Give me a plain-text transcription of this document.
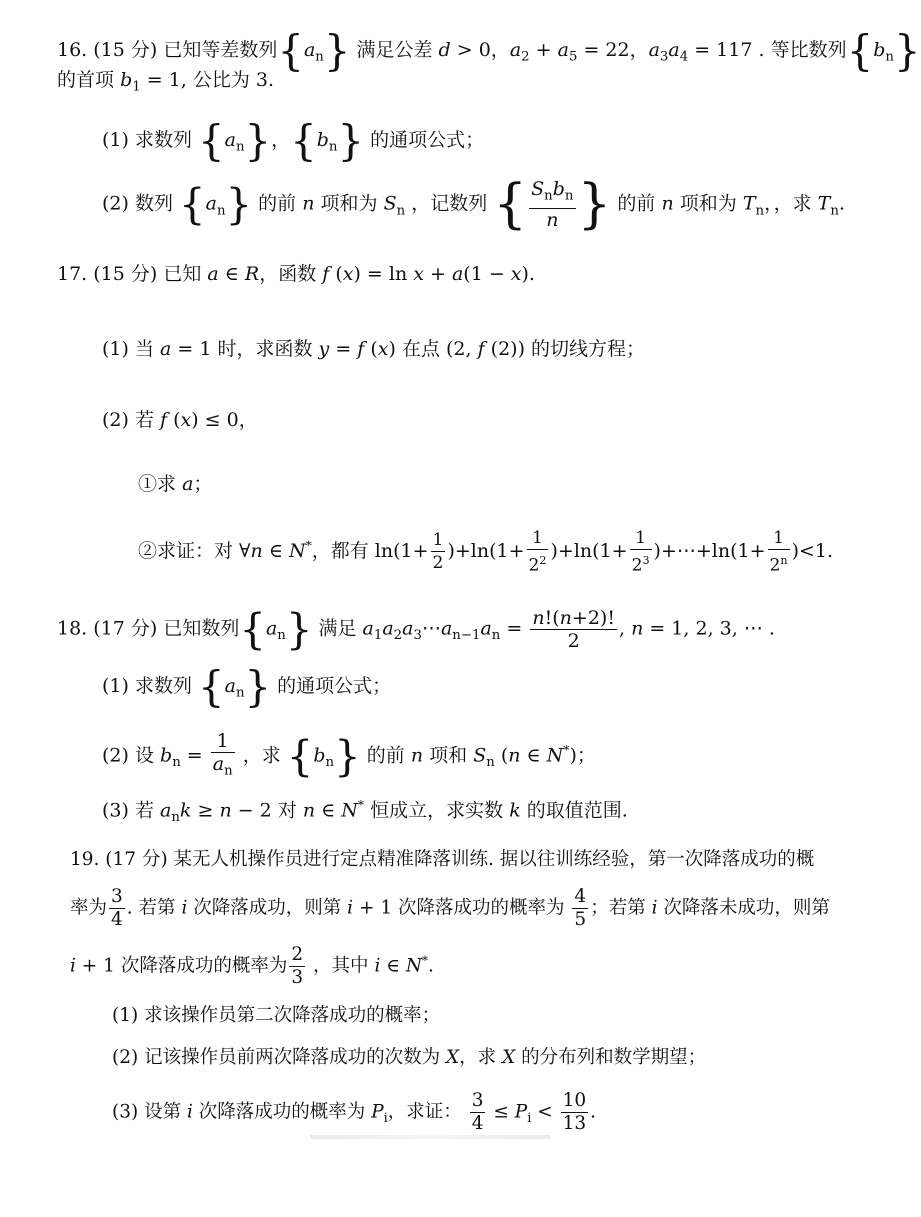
16. (15 分) 已知等差数列$\{a_n\}$ 满足公差 d > 0，$a_2 + a_5 = 22$，$a_3a_4 = 117$ . 等比数列$\{b_n\}$
的首项 $b_1 = 1$, 公比为 3.
(1) 求数列 $\{a_n\}$，$\{b_n\}$ 的通项公式；
(2) 数列 $\{a_n\}$ 的前 n 项和为 $S_n$ ，记数列 { $\frac{S_nb_n}{n}$ } 的前 n 项和为 $T_n$，，求 $T_n$.
17. (15 分) 已知 a ∈ R，函数 f (x) = ln x + a(1 − x).
(1) 当 a = 1 时，求函数 y = f (x) 在点 (2, f (2)) 的切线方程；
(2) 若 f (x) ≤ 0，
①求 a；
②求证：对 ∀n ∈ N*，都有 $\ln(1+ \frac{1}{2} )+\ln(1+ \frac{1}{2^2} )+\ln(1+ \frac{1}{2^3}$ )+⋯+ln(1+ $\frac{1}{2^n} )<1$.
18. (17 分) 已知数列$\{a_n\}$ 满足 $a_1a_2a_3\cdots a_{n-1}a_n = \frac{n!(n+2)!}{2}$ , n = 1, 2, 3, ⋯ .
(1) 求数列 $\{a_n\}$ 的通项公式；
(2) 设 $b_n = \frac{1}{a_n}$ ，求 $\{b_n\}$ 的前 n 项和 $S_n$ (n ∈ N*)；
(3) 若 $a_nk \ge n - 2$ 对 n ∈ N* 恒成立，求实数 k 的取值范围.
19. (17 分) 某无人机操作员进行定点精准降落训练. 据以往训练经验，第一次降落成功的概
率为 $\frac{3}{4}$ . 若第 i 次降落成功，则第 i + 1 次降落成功的概率为 $\frac{4}{5}$ ；若第 i 次降落未成功，则第
i + 1 次降落成功的概率为 $\frac{2}{3}$ ，其中 i ∈ N*.
(1) 求该操作员第二次降落成功的概率；
(2) 记该操作员前两次降落成功的次数为 X，求 X 的分布列和数学期望；
(3) 设第 i 次降落成功的概率为 $P_i$，求证： $\frac{3}{4} \le P_i < \frac{10}{13}$ .
